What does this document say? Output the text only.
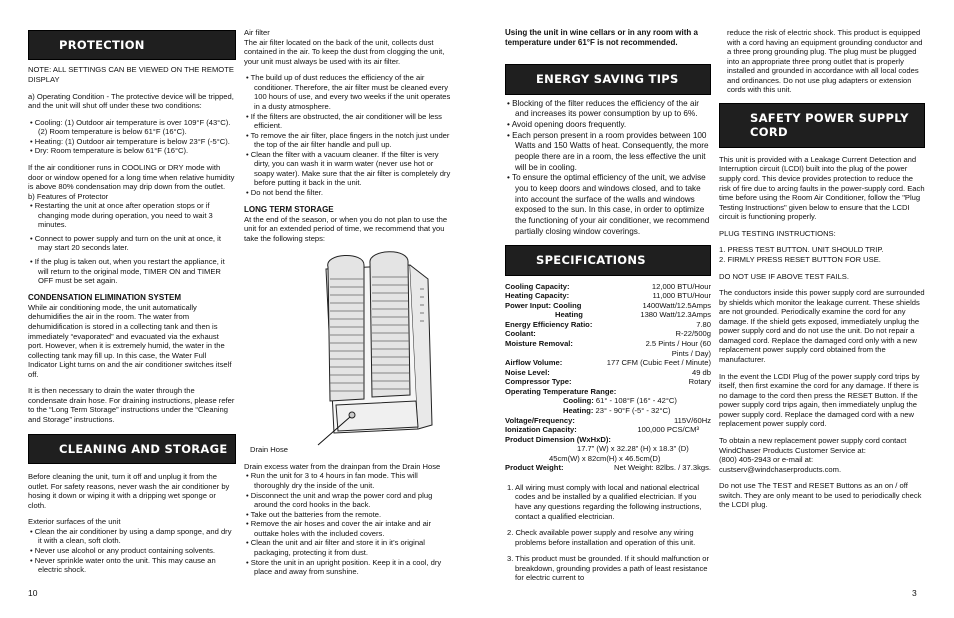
PROTECTION

NOTE: ALL SETTINGS CAN BE VIEWED ON THE REMOTE DISPLAY

a) Operating Condition - The protective device will be tripped, and the unit will shut off under these two conditions:

• Cooling: (1) Outdoor air temperature is over 109°F (43°C). (2) Room temperature is below 61°F (16°C).

• Heating: (1) Outdoor air temperature is below 23°F (-5°C).

• Dry: Room temperature is below 61°F (16°C).

If the air conditioner runs in COOLING or DRY mode with door or window opened for a long time when relative humidity is above 80% condensation may drip down from the outlet.

b) Features of Protector

• Restarting the unit at once after operation stops or if changing mode during operation, you need to wait 3 minutes.

• Connect to power supply and turn on the unit at once, it may start 20 seconds later.

• If the plug is taken out, when you restart the appliance, it will return to the original mode, TIMER ON and TIMER OFF must be set again.

CONDENSATION ELIMINATION SYSTEM

While air conditioning mode, the unit automatically dehumidifies the air in the room. The water from dehumidification is stored in a collecting tank and then is immediately “evaporated” and evacuated via the exhaust port. However, when it is extremely humid, the water in the collecting tank may fill up. In this case, the Water Full Indicator Light turns on and the air conditioner switches itself off.

It is then necessary to drain the water through the condensate drain hose. For draining instructions, please refer to the “Long Term Storage” instructions under the “Cleaning and Storage” instructions.

CLEANING AND STORAGE

Before cleaning the unit, turn it off and unplug it from the outlet. For safety reasons, never wash the air conditioner by hosing it down or wiping it with a dripping wet sponge or cloth.

Exterior surfaces of the unit

• Clean the air conditioner by using a damp sponge, and dry it with a clean, soft cloth.

• Never use alcohol or any product containing solvents.

• Never sprinkle water onto the unit. This may cause an electric shock.

10

Air filter

The air filter located on the back of the unit, collects dust contained in the air. To keep the dust from clogging the unit, your unit must always be used with its air filter.

• The build up of dust reduces the efficiency of the air conditioner. Therefore, the air filter must be cleaned every 100 hours of use, and every two weeks if the unit operates in a dusty atmosphere.

• If the filters are obstructed, the air conditioner will be less efficient.

• To remove the air filter, place fingers in the notch just under the top of the air filter handle and pull up.

• Clean the filter with a vacuum cleaner. If the filter is very dirty, you can wash it in warm water (never use hot or soapy water). Make sure that the air filter is completely dry before putting it back in the unit.

• Do not bend the filter.

LONG TERM STORAGE

At the end of the season, or when you do not plan to use the unit for an extended period of time, we recommend that you take the following steps:

Drain Hose

Drain excess water from the drainpan from the Drain Hose

• Run the unit for 3 to 4 hours in fan mode. This will thoroughly dry the inside of the unit.

• Disconnect the unit and wrap the power cord and plug around the cord hooks in the back.

• Take out the batteries from the remote.

• Remove the air hoses and cover the air intake and air outtake holes with the included covers.

• Clean the unit and air filter and store it in it’s original packaging, protecting it from dust.

• Store the unit in an upright position. Keep it in a cool, dry place and away from sunshine.

Using the unit in wine cellars or in any room with a temperature under 61°F is not recommended.

ENERGY SAVING TIPS

• Blocking of the filter reduces the efficiency of the air and increases its power consumption by up to 6%.

• Avoid opening doors frequently.

• Each person present in a room provides between 100 Watts and 150 Watts of heat. Consequently, the more people there are in a room, the less effective the unit will be in cooling.

• To ensure the optimal efficiency of the unit, we advise you to keep doors and windows closed, and to take into account the surface of the walls and windows exposed to the sun. In this case, in order to optimize the functioning of your air conditioner, we recommend partially closing window coverings.

SPECIFICATIONS
Cooling Capacity:	12,000 BTU/Hour
Heating Capacity:	11,000 BTU/Hour
Power Input: Cooling	1400Watt/12.5Amps
Heating	1380 Watt/12.3Amps
Energy Efficiency Ratio:	7.80
Coolant:	R-22/500g
Moisture Removal:	2.5 Pints / Hour (60 Pints / Day)
Airflow Volume:	177 CFM (Cubic Feet / Minute)
Noise Level:	49 db
Compressor Type:	Rotary

Operating Temperature Range:

Cooling: 61° - 108°F (16° - 42°C)

Heating: 23° - 90°F (-5° - 32°C)

Voltage/Frequency:	115V/60Hz
Ionization Capacity:	100,000 PCS/CM³

Product Dimension (WxHxD):

17.7” (W) x 32.28” (H) x 18.3” (D)

45cm(W) x 82cm(H) x 46.5cm(D)

Product Weight:	Net Weight: 82lbs. / 37.3kgs.

1. All wiring must comply with local and national electrical codes and be installed by a qualified electrician. If you have any questions regarding the following instructions, contact a qualified electrician.

2. Check available power supply and resolve any wiring problems before installation and operation of this unit.

3. This product must be grounded. If it should malfunction or breakdown, grounding provides a path of least resistance for electric current to

reduce the risk of electric shock. This product is equipped with a cord having an equipment grounding conductor and a three prong grounding plug. The plug must be plugged into an appropriate three prong outlet that is properly installed and grounded in accordance with all local codes and ordinances. Do not use plug adapters or extension cords with this unit.

SAFETY POWER SUPPLY CORD

This unit is provided with a Leakage Current Detection and Interruption circuit (LCDI) built into the plug of the power supply cord. This device provides protection to reduce the risk of fire due to arcing faults in the power-supply cord. Each time before using the Room Air Conditioner, follow the "Plug Testing Instructions" given below to ensure that the LCDI circuit is functioning properly.

PLUG TESTING INSTRUCTIONS:

1. PRESS TEST BUTTON. UNIT SHOULD TRIP.

2. FIRMLY PRESS RESET BUTTON FOR USE.

DO NOT USE IF ABOVE TEST FAILS.

The conductors inside this power supply cord are surrounded by shields which monitor the leakage current. These shields are not grounded. Periodically examine the cord for any damage. If the shield gets exposed, immediately unplug the power supply cord and do not use the unit. Do not repair a damaged cord. Replace the damaged cord only with a new replacement power supply cord obtained from the manufacturer.

In the event the LCDI Plug of the power supply cord trips by itself, then first examine the cord for any damage. If there is no damage to the cord then press the RESET Button. If the power supply cord trips again, then immediately unplug the power supply cord. Replace the damaged cord with a new replacement power supply cord.

To obtain a new replacement power supply cord contact WindChaser Products Customer Service at:

(800) 405-2943 or e-mail at:

custserv@windchaserproducts.com.

Do not use The TEST and RESET Buttons as an on / off switch. They are only meant to be used to periodically check the LCDI plug.

3
